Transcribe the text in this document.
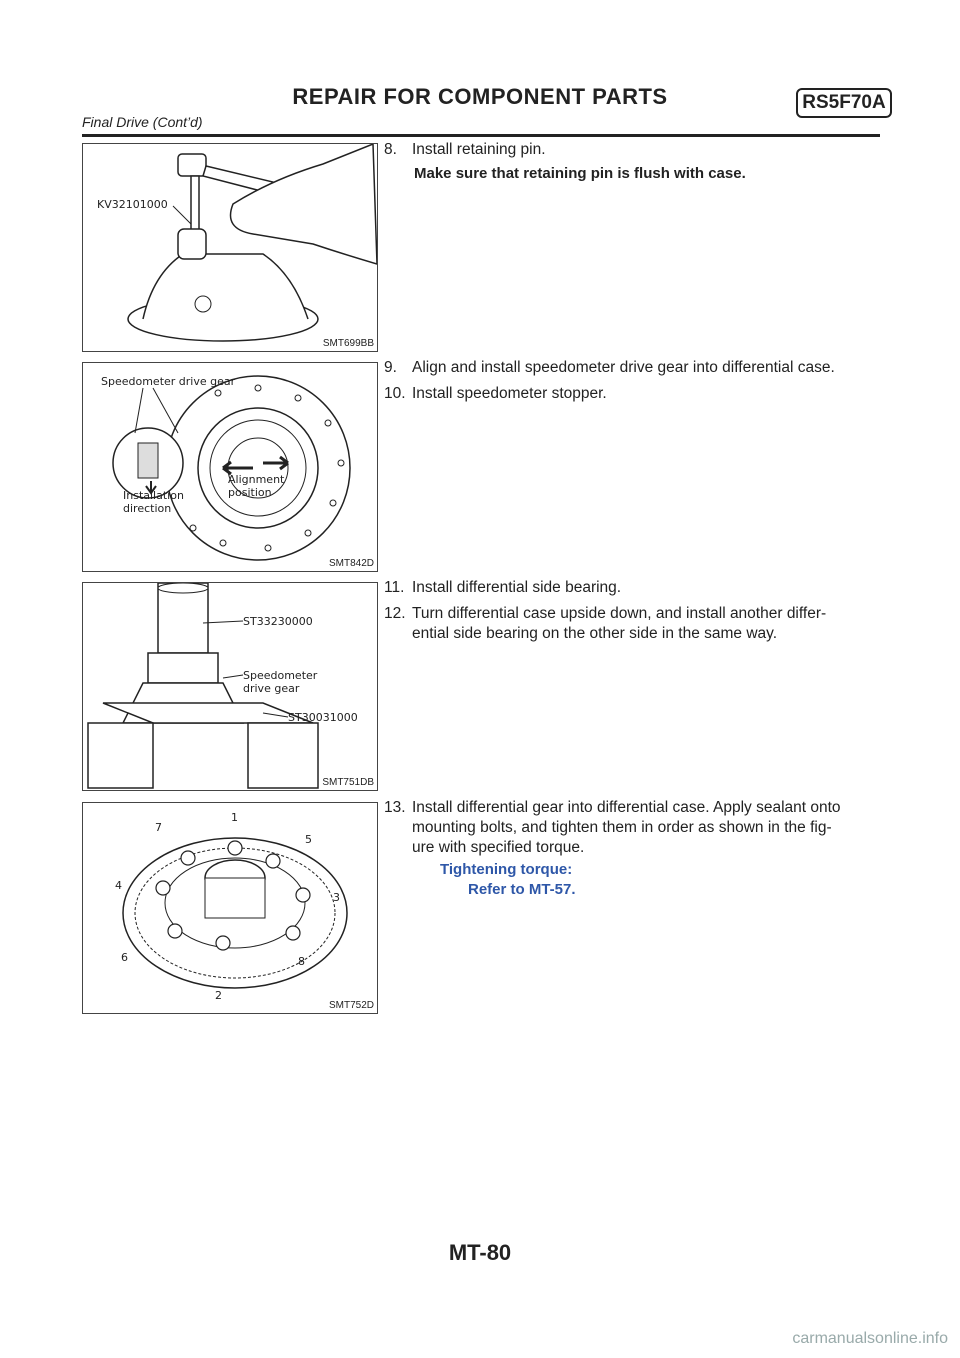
REPAIR FOR COMPONENT PARTS	RS5F70A
Final Drive (Cont’d)
KV32101000
SMT699BB
Speedometer drive gear
Installation
direction
Alignment
position
SMT842D
ST33230000
Speedometer
drive gear
ST30031000
SMT751DB
1
2
3
4
5
6
7
8
SMT752D
8. Install retaining pin.
Make sure that retaining pin is flush with case.
9. Align and install speedometer drive gear into differential case.
10. Install speedometer stopper.
11. Install differential side bearing.
12. Turn differential case upside down, and install another differ-
ential side bearing on the other side in the same way.
13. Install differential gear into differential case. Apply sealant onto
mounting bolts, and tighten them in order as shown in the fig-
ure with specified torque.
Tightening torque:
Refer to MT-57.
MT-80
carmanualsonline.info
